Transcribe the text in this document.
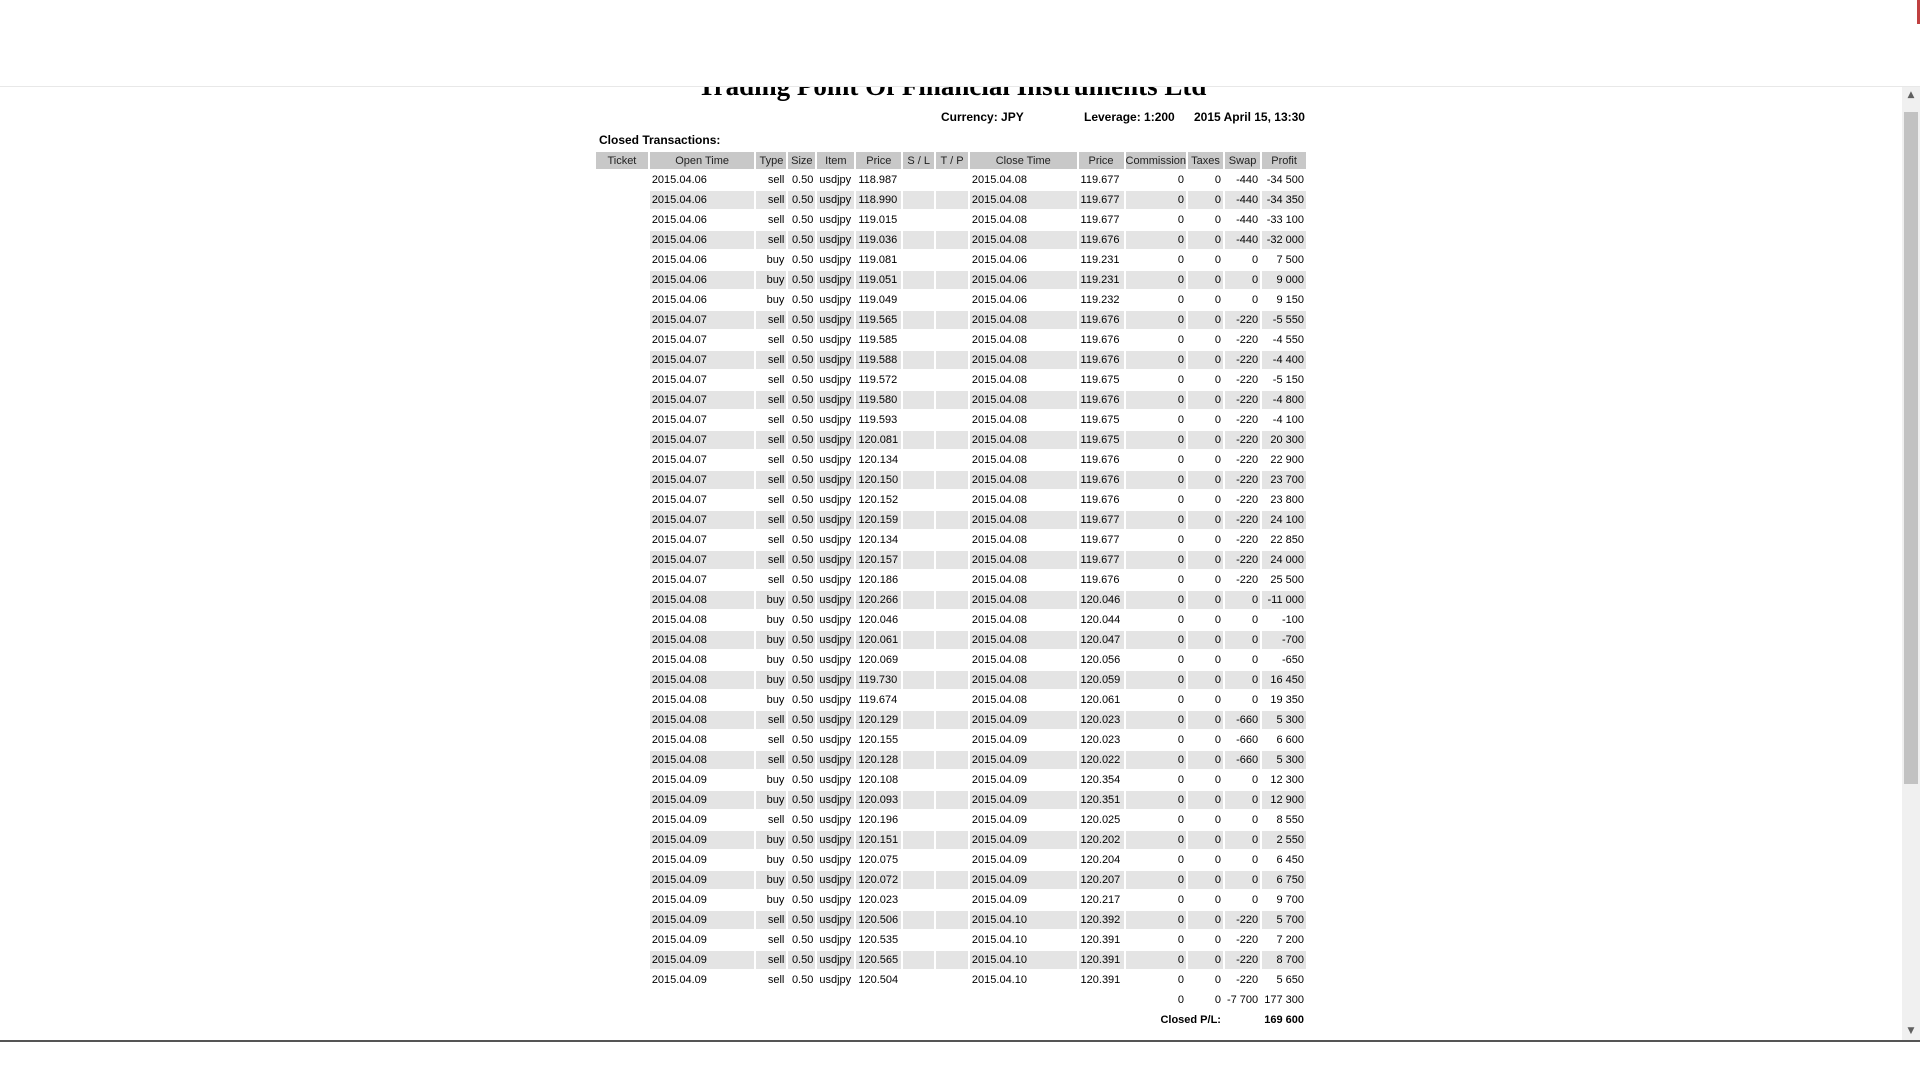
▲
▼
Currency: JPY	Leverage: 1:200 2015 April 15, 13:30
Closed Transactions:
Ticket	Open Time	Type	Size	Item	Price	S / L	T / P	Close Time	Price	Commission	Taxes	Swap	Profit
	2015.04.06	sell	0.50	usdjpy	118.987			2015.04.08	119.677	0	0	-440	-34 500
	2015.04.06	sell	0.50	usdjpy	118.990			2015.04.08	119.677	0	0	-440	-34 350
	2015.04.06	sell	0.50	usdjpy	119.015			2015.04.08	119.677	0	0	-440	-33 100
	2015.04.06	sell	0.50	usdjpy	119.036			2015.04.08	119.676	0	0	-440	-32 000
	2015.04.06	buy	0.50	usdjpy	119.081			2015.04.06	119.231	0	0	0	7 500
	2015.04.06	buy	0.50	usdjpy	119.051			2015.04.06	119.231	0	0	0	9 000
	2015.04.06	buy	0.50	usdjpy	119.049			2015.04.06	119.232	0	0	0	9 150
	2015.04.07	sell	0.50	usdjpy	119.565			2015.04.08	119.676	0	0	-220	-5 550
	2015.04.07	sell	0.50	usdjpy	119.585			2015.04.08	119.676	0	0	-220	-4 550
	2015.04.07	sell	0.50	usdjpy	119.588			2015.04.08	119.676	0	0	-220	-4 400
	2015.04.07	sell	0.50	usdjpy	119.572			2015.04.08	119.675	0	0	-220	-5 150
	2015.04.07	sell	0.50	usdjpy	119.580			2015.04.08	119.676	0	0	-220	-4 800
	2015.04.07	sell	0.50	usdjpy	119.593			2015.04.08	119.675	0	0	-220	-4 100
	2015.04.07	sell	0.50	usdjpy	120.081			2015.04.08	119.675	0	0	-220	20 300
	2015.04.07	sell	0.50	usdjpy	120.134			2015.04.08	119.676	0	0	-220	22 900
	2015.04.07	sell	0.50	usdjpy	120.150			2015.04.08	119.676	0	0	-220	23 700
	2015.04.07	sell	0.50	usdjpy	120.152			2015.04.08	119.676	0	0	-220	23 800
	2015.04.07	sell	0.50	usdjpy	120.159			2015.04.08	119.677	0	0	-220	24 100
	2015.04.07	sell	0.50	usdjpy	120.134			2015.04.08	119.677	0	0	-220	22 850
	2015.04.07	sell	0.50	usdjpy	120.157			2015.04.08	119.677	0	0	-220	24 000
	2015.04.07	sell	0.50	usdjpy	120.186			2015.04.08	119.676	0	0	-220	25 500
	2015.04.08	buy	0.50	usdjpy	120.266			2015.04.08	120.046	0	0	0	-11 000
	2015.04.08	buy	0.50	usdjpy	120.046			2015.04.08	120.044	0	0	0	-100
	2015.04.08	buy	0.50	usdjpy	120.061			2015.04.08	120.047	0	0	0	-700
	2015.04.08	buy	0.50	usdjpy	120.069			2015.04.08	120.056	0	0	0	-650
	2015.04.08	buy	0.50	usdjpy	119.730			2015.04.08	120.059	0	0	0	16 450
	2015.04.08	buy	0.50	usdjpy	119.674			2015.04.08	120.061	0	0	0	19 350
	2015.04.08	sell	0.50	usdjpy	120.129			2015.04.09	120.023	0	0	-660	5 300
	2015.04.08	sell	0.50	usdjpy	120.155			2015.04.09	120.023	0	0	-660	6 600
	2015.04.08	sell	0.50	usdjpy	120.128			2015.04.09	120.022	0	0	-660	5 300
	2015.04.09	buy	0.50	usdjpy	120.108			2015.04.09	120.354	0	0	0	12 300
	2015.04.09	buy	0.50	usdjpy	120.093			2015.04.09	120.351	0	0	0	12 900
	2015.04.09	sell	0.50	usdjpy	120.196			2015.04.09	120.025	0	0	0	8 550
	2015.04.09	buy	0.50	usdjpy	120.151			2015.04.09	120.202	0	0	0	2 550
	2015.04.09	buy	0.50	usdjpy	120.075			2015.04.09	120.204	0	0	0	6 450
	2015.04.09	buy	0.50	usdjpy	120.072			2015.04.09	120.207	0	0	0	6 750
	2015.04.09	buy	0.50	usdjpy	120.023			2015.04.09	120.217	0	0	0	9 700
	2015.04.09	sell	0.50	usdjpy	120.506			2015.04.10	120.392	0	0	-220	5 700
	2015.04.09	sell	0.50	usdjpy	120.535			2015.04.10	120.391	0	0	-220	7 200
	2015.04.09	sell	0.50	usdjpy	120.565			2015.04.10	120.391	0	0	-220	8 700
	2015.04.09	sell	0.50	usdjpy	120.504			2015.04.10	120.391	0	0	-220	5 650
										0	0	-7 700	177 300
									Closed P/L:			169 600	
